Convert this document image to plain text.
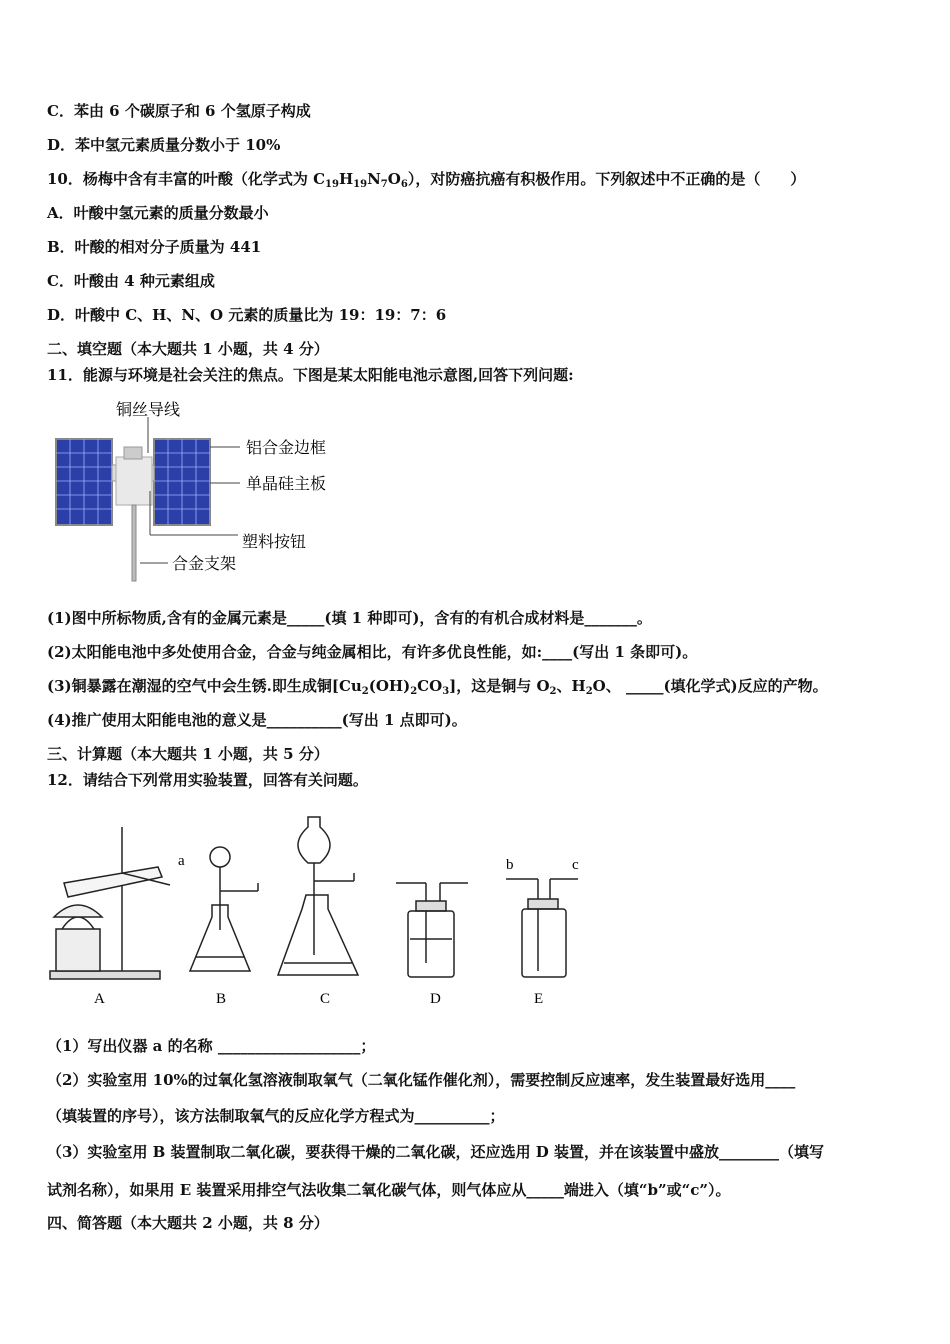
C．苯由 6 个碳原子和 6 个氢原子构成
D．苯中氢元素质量分数小于 10%
10．杨梅中含有丰富的叶酸（化学式为 $C_{19}H_{19}N_7O_6$），对防癌抗癌有积极作用。下列叙述中不正确的是（　　）
A．叶酸中氢元素的质量分数最小
B．叶酸的相对分子质量为 441
C．叶酸由 4 种元素组成
D．叶酸中 C、H、N、O 元素的质量比为 19：19：7：6
二、填空题（本大题共 1 小题，共 4 分）
11．能源与环境是社会关注的焦点。下图是某太阳能电池示意图,回答下列问题:
铜丝导线
铝合金边框
单晶硅主板
塑料按钮
合金支架
(1)图中所标物质,含有的金属元素是_____(填 1 种即可)，含有的有机合成材料是_______。
(2)太阳能电池中多处使用合金，合金与纯金属相比，有许多优良性能，如:____(写出 1 条即可)。
(3)铜暴露在潮湿的空气中会生锈.即生成铜$[Cu_2(OH)_2CO_3]$，这是铜与 $O_2$、$H_2O$、 _____(填化学式)反应的产物。
(4)推广使用太阳能电池的意义是__________(写出 1 点即可)。
三、计算题（本大题共 1 小题，共 5 分）
12．请结合下列常用实验装置，回答有关问题。
a	b	c
A	B	C	D	E
（1）写出仪器 a 的名称 ___________________；
（2）实验室用 10%的过氧化氢溶液制取氧气（二氧化锰作催化剂），需要控制反应速率，发生装置最好选用____
（填装置的序号），该方法制取氧气的反应化学方程式为__________；
（3）实验室用 B 装置制取二氧化碳，要获得干燥的二氧化碳，还应选用 D 装置，并在该装置中盛放________（填写
试剂名称），如果用 E 装置采用排空气法收集二氧化碳气体，则气体应从_____端进入（填“b”或“c”）。
四、简答题（本大题共 2 小题，共 8 分）
